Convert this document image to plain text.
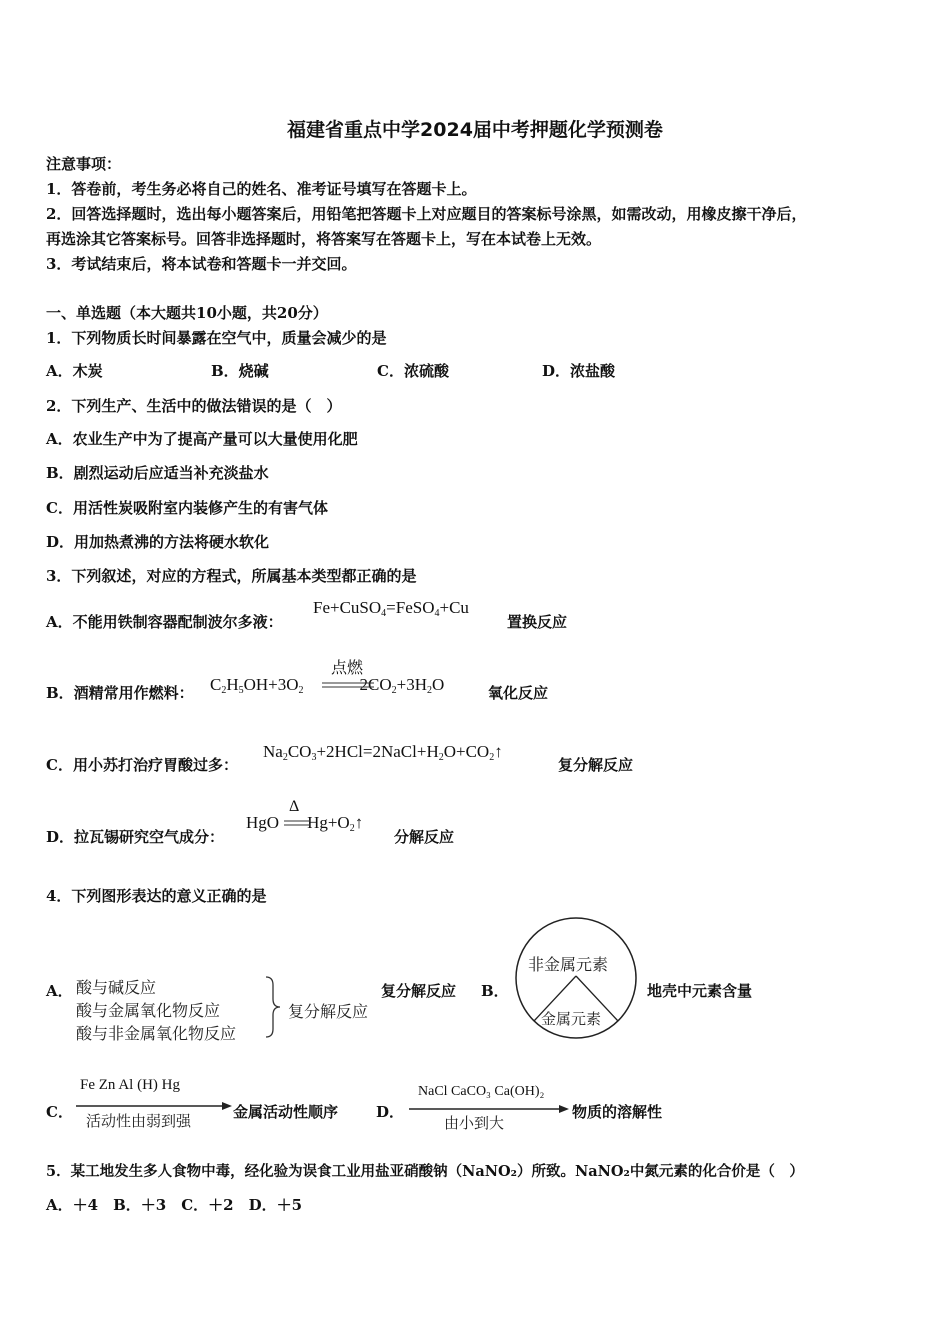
福建省重点中学2024届中考押题化学预测卷
注意事项：
1．答卷前，考生务必将自己的姓名、准考证号填写在答题卡上。
2．回答选择题时，选出每小题答案后，用铅笔把答题卡上对应题目的答案标号涂黑，如需改动，用橡皮擦干净后，
再选涂其它答案标号。回答非选择题时，将答案写在答题卡上，写在本试卷上无效。
3．考试结束后，将本试卷和答题卡一并交回。
一、单选题（本大题共10小题，共20分）
1．下列物质长时间暴露在空气中，质量会减少的是
A．木炭	B．烧碱	C．浓硫酸	D．浓盐酸
2．下列生产、生活中的做法错误的是（　）
A．农业生产中为了提高产量可以大量使用化肥
B．剧烈运动后应适当补充淡盐水
C．用活性炭吸附室内装修产生的有害气体
D．用加热煮沸的方法将硬水软化
3．下列叙述，对应的方程式，所属基本类型都正确的是
A．不能用铁制容器配制波尔多液：
Fe+CuSO$_4$=FeSO$_4$+Cu
置换反应
B．酒精常用作燃料： $C_2H_5OH+3O_2$	$2CO_2+3H_2O$
点燃
氧化反应
C．用小苏打治疗胃酸过多：
$Na_2CO_3+2HCl=2NaCl+H_2O+CO_2↑$
复分解反应
D．拉瓦锡研究空气成分：
HgO $Hg+O_2↑$
Δ
分解反应
4．下列图形表达的意义正确的是
A． 酸与碱反应
酸与金属氧化物反应
酸与非金属氧化物反应
复分解反应
复分解反应 B．
非金属元素
金属元素
地壳中元素含量
C．
Fe Zn Al (H) Hg
活动性由弱到强	金属活动性顺序	D．
NaCl CaCO₃ Ca(OH)₂
由小到大
物质的溶解性
5．某工地发生多人食物中毒，经化验为误食工业用盐亚硝酸钠（NaNO₂）所致。NaNO₂中氮元素的化合价是（　）
A．＋4　B．＋3　C．＋2　D．＋5
